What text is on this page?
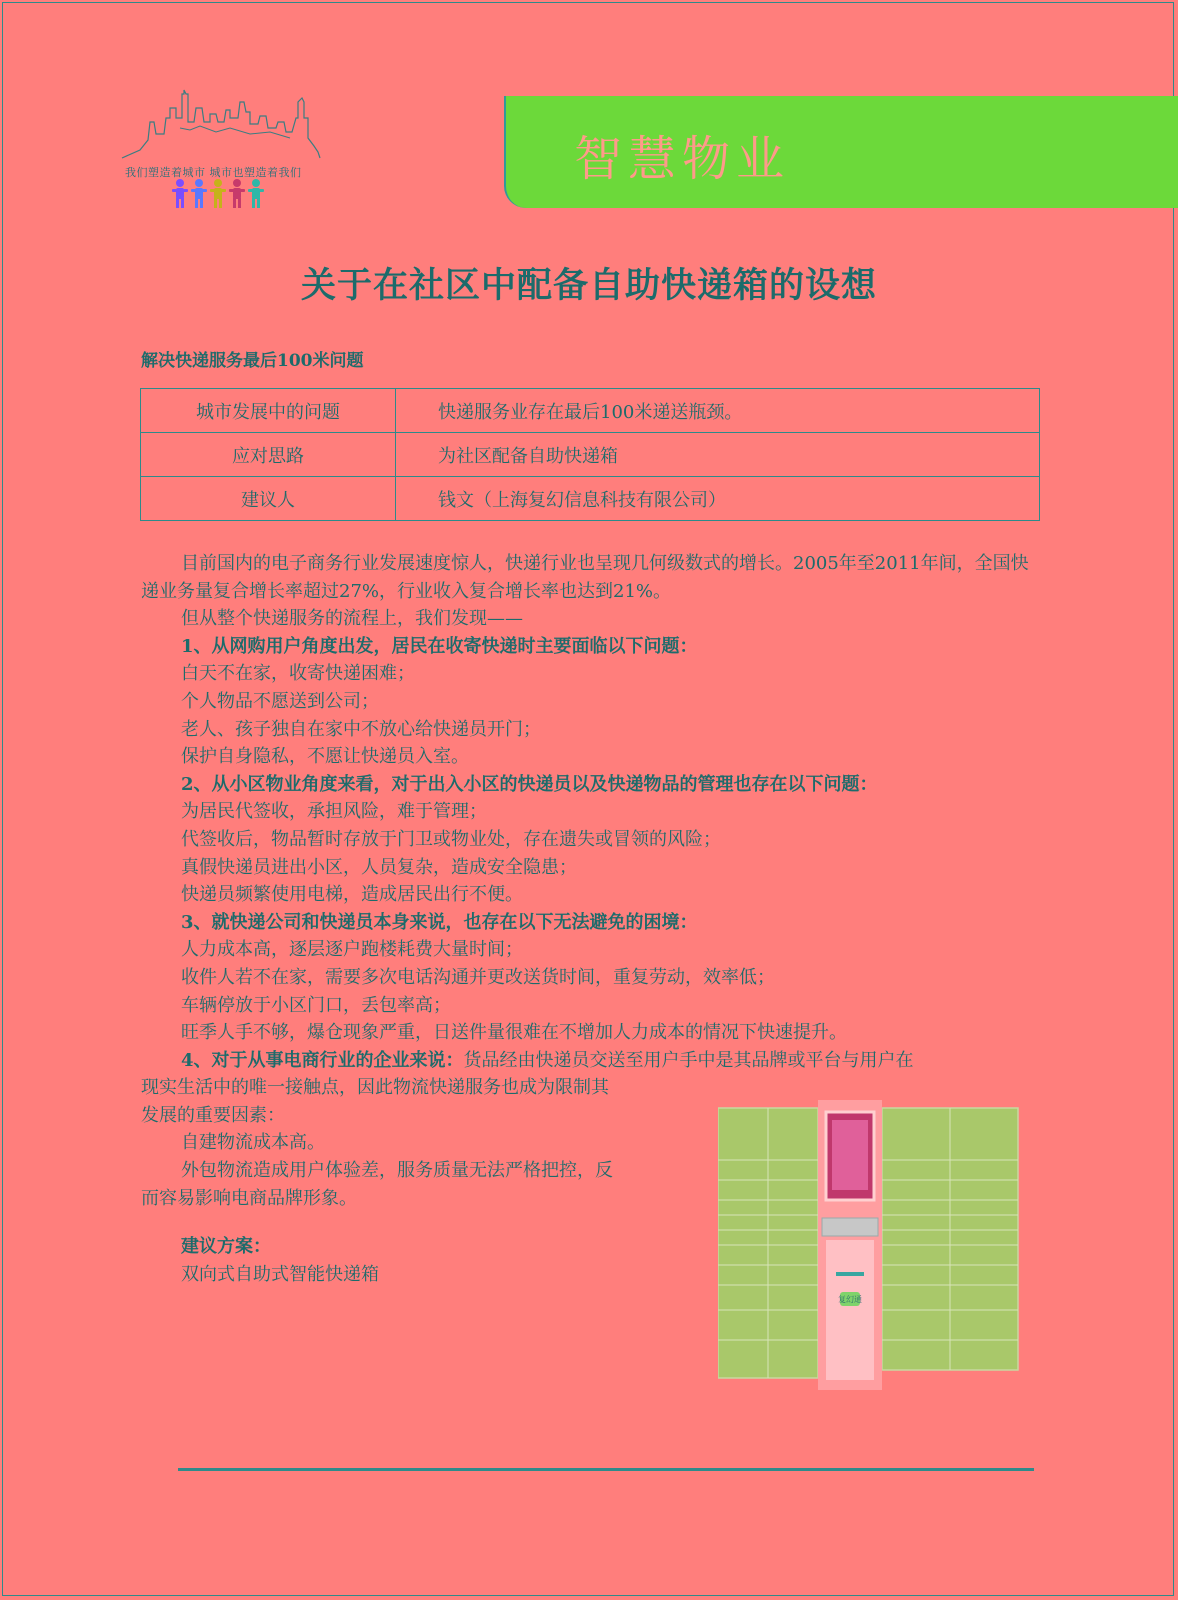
我们塑造着城市 城市也塑造着我们	智慧物业
关于在社区中配备自助快递箱的设想
解决快递服务最后100米问题
城市发展中的问题	快递服务业存在最后100米递送瓶颈。
应对思路	为社区配备自助快递箱
建议人	钱文（上海复幻信息科技有限公司）

目前国内的电子商务行业发展速度惊人，快递行业也呈现几何级数式的增长。2005年至2011年间，全国快递业务量复合增长率超过27%，行业收入复合增长率也达到21%。

但从整个快递服务的流程上，我们发现——

1、从网购用户角度出发，居民在收寄快递时主要面临以下问题：

白天不在家，收寄快递困难；

个人物品不愿送到公司；

老人、孩子独自在家中不放心给快递员开门；

保护自身隐私，不愿让快递员入室。

2、从小区物业角度来看，对于出入小区的快递员以及快递物品的管理也存在以下问题：

为居民代签收，承担风险，难于管理；

代签收后，物品暂时存放于门卫或物业处，存在遗失或冒领的风险；

真假快递员进出小区，人员复杂，造成安全隐患；

快递员频繁使用电梯，造成居民出行不便。

3、就快递公司和快递员本身来说，也存在以下无法避免的困境：

人力成本高，逐层逐户跑楼耗费大量时间；

收件人若不在家，需要多次电话沟通并更改送货时间，重复劳动，效率低；

车辆停放于小区门口，丢包率高；

旺季人手不够，爆仓现象严重，日送件量很难在不增加人力成本的情况下快速提升。

4、对于从事电商行业的企业来说：货品经由快递员交送至用户手中是其品牌或平台与用户在

现实生活中的唯一接触点，因此物流快递服务也成为限制其

发展的重要因素：

自建物流成本高。

外包物流造成用户体验差，服务质量无法严格把控，反

而容易影响电商品牌形象。

建议方案：

双向式自助式智能快递箱

复幻通
